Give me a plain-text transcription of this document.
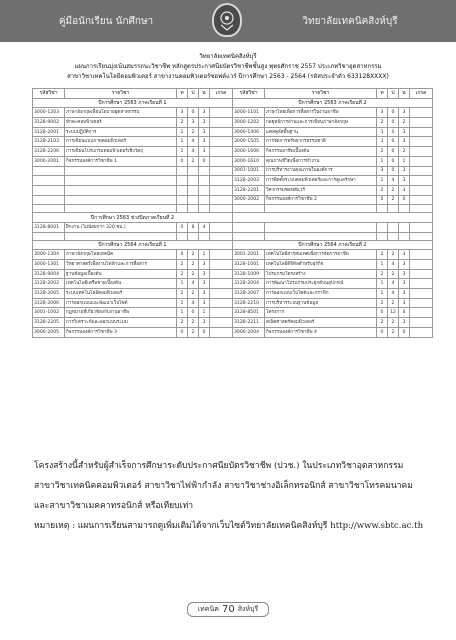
คู่มือนักเรียน นักศึกษา	วิทยาลัยเทคนิคสิงห์บุรี
วิทยาลัยเทคนิคสิงห์บุรี
แผนการเรียนมุ่งเน้นสมรรถนะวิชาชีพ หลักสูตรประกาศนียบัตรวิชาชีพชั้นสูง พุทธศักราช 2557 ประเภทวิชาอุตสาหกรรม
สาขาวิชาเทคโนโลยีคอมพิวเตอร์ สาขางานคอมพิวเตอร์ซอฟต์แวร์ ปีการศึกษา 2563 - 2564 (รหัสประจำตัว 633128XXXX)
รหัสวิชา	รายวิชา	ท	ป	น	เกรด	รหัสวิชา	รายวิชา	ท	ป	น	เกรด
ปีการศึกษา 2563 ภาคเรียนที่ 1						ปีการศึกษา 2563 ภาคเรียนที่ 2					
3000-1203	ภาษาอังกฤษเพื่อนโยบายอุตสาหกรรม	3	0	3		3000-1101	ภาษาไทยเพื่อการสื่อสารในงานอาชีพ	3	0	3	
3128-9002	ทักษะคอมพิวเตอร์	2	3	3		3000-1202	กลยุทธ์การอ่านและการเขียนภาษาอังกฤษ	2	0	2	
3128-2001	ระบบปฏิบัติการ	2	2	3		3000-1406	แคลคูลัสพื้นฐาน	3	0	3	
3128-2103	การเขียนแบบภาพคอมพิวเตอร์	1	4	3		3000-1505	การจัดการทรัพยากรธรรมชาติ	3	0	3	
3128-2206	การเขียนโปรแกรมคอมพิวเตอร์เชิงวัตถุ	1	4	3		3000-1606	กิจกรรมอาชีพเบื้องต้น	2	0	2	
3000-2001	กิจกรรมองค์การวิชาชีพ 1	0	2	0		3000-1610	คุณภาพชีวิตเพื่อการทำงาน	1	0	1	
						3001-1001	การบริหารงานคุณภาพในองค์การ	3	0	3	
						3128-2003	การติดตั้งระบบคอมพิวเตอร์และการดูแลรักษา	1	4	3	
						3128-2201	วิศวกรรมซอฟต์แวร์	2	2	3	
						3000-2002	กิจกรรมองค์การวิชาชีพ 2	0	2	0	

ปีการศึกษา 2563 ช่วงปิดภาคเรียนที่ 2											
3128-8001	ฝึกงาน (ไม่น้อยกว่า 320 ชม.)	0	8	4							

ปีการศึกษา 2564 ภาคเรียนที่ 1						ปีการศึกษา 2564 ภาคเรียนที่ 2					
3000-1304	ภาษาอังกฤษโฟลเทคนิค	0	2	1		3001-2001	เทคโนโลยีสารสนเทศเพื่อการจัดการอาชีพ	2	2	3	
3000-1301	วิทยาศาสตร์เพื่องานไฟฟ้าและการสื่อสาร	2	2	3		3128-1001	เทคโนโลยีดิจิทัลสำหรับธุรกิจ	1	4	3	
3128-9004	ฐานข้อมูลเบื้องต้น	2	2	3		3128-1009	โปรแกรมโครงสร้าง	2	2	3	
3128-2002	เทคโนโลยีเครือข่ายเบื้องต้น	1	4	3		3128-2004	การพัฒนาโปรแกรมประยุกต์บนอุปกรณ์	1	4	3	
3128-2005	ระบบเทคโนโลยีคอมพิวเตอร์	2	2	3		3128-2007	การออกแบบเว็บไซต์และกราฟิก	1	4	3	
3128-2006	การออกแบบและพัฒนาเว็บไซต์	1	4	3		3128-2210	การบริหารระบบฐานข้อมูล	2	2	3	
3001-1002	กฎหมายที่เกี่ยวข้องกับงานอาชีพ	1	0	1		3128-8501	โครงการ	0	12	4	
3128-2205	การวิเคราะห์และออกแบบระบบ	2	2	3		3128-2211	คณิตศาสตร์คอมพิวเตอร์	2	2	3	
3000-2005	กิจกรรมองค์การวิชาชีพ 3	0	2	0		3000-2004	กิจกรรมองค์การวิชาชีพ 4	0	2	0	

โครงสร้างนี้สำหรับผู้สำเร็จการศึกษาระดับประกาศนียบัตรวิชาชีพ (ปวช.) ในประเภทวิชาอุตสาหกรรม

สาขาวิชาเทคนิคคอมพิวเตอร์ สาขาวิชาไฟฟ้ากำลัง สาขาวิชาช่างอิเล็กทรอนิกส์ สาขาวิชาโทรคมนาคม

และสาขาวิชาเมคคาทรอนิกส์ หรือเทียบเท่า

หมายเหตุ : แผนการเรียนสามารถดูเพิ่มเติมได้จากเว็บไซต์วิทยาลัยเทคนิคสิงห์บุรี http://www.sbtc.ac.th
เทคนิค 70 สิงห์บุรี
